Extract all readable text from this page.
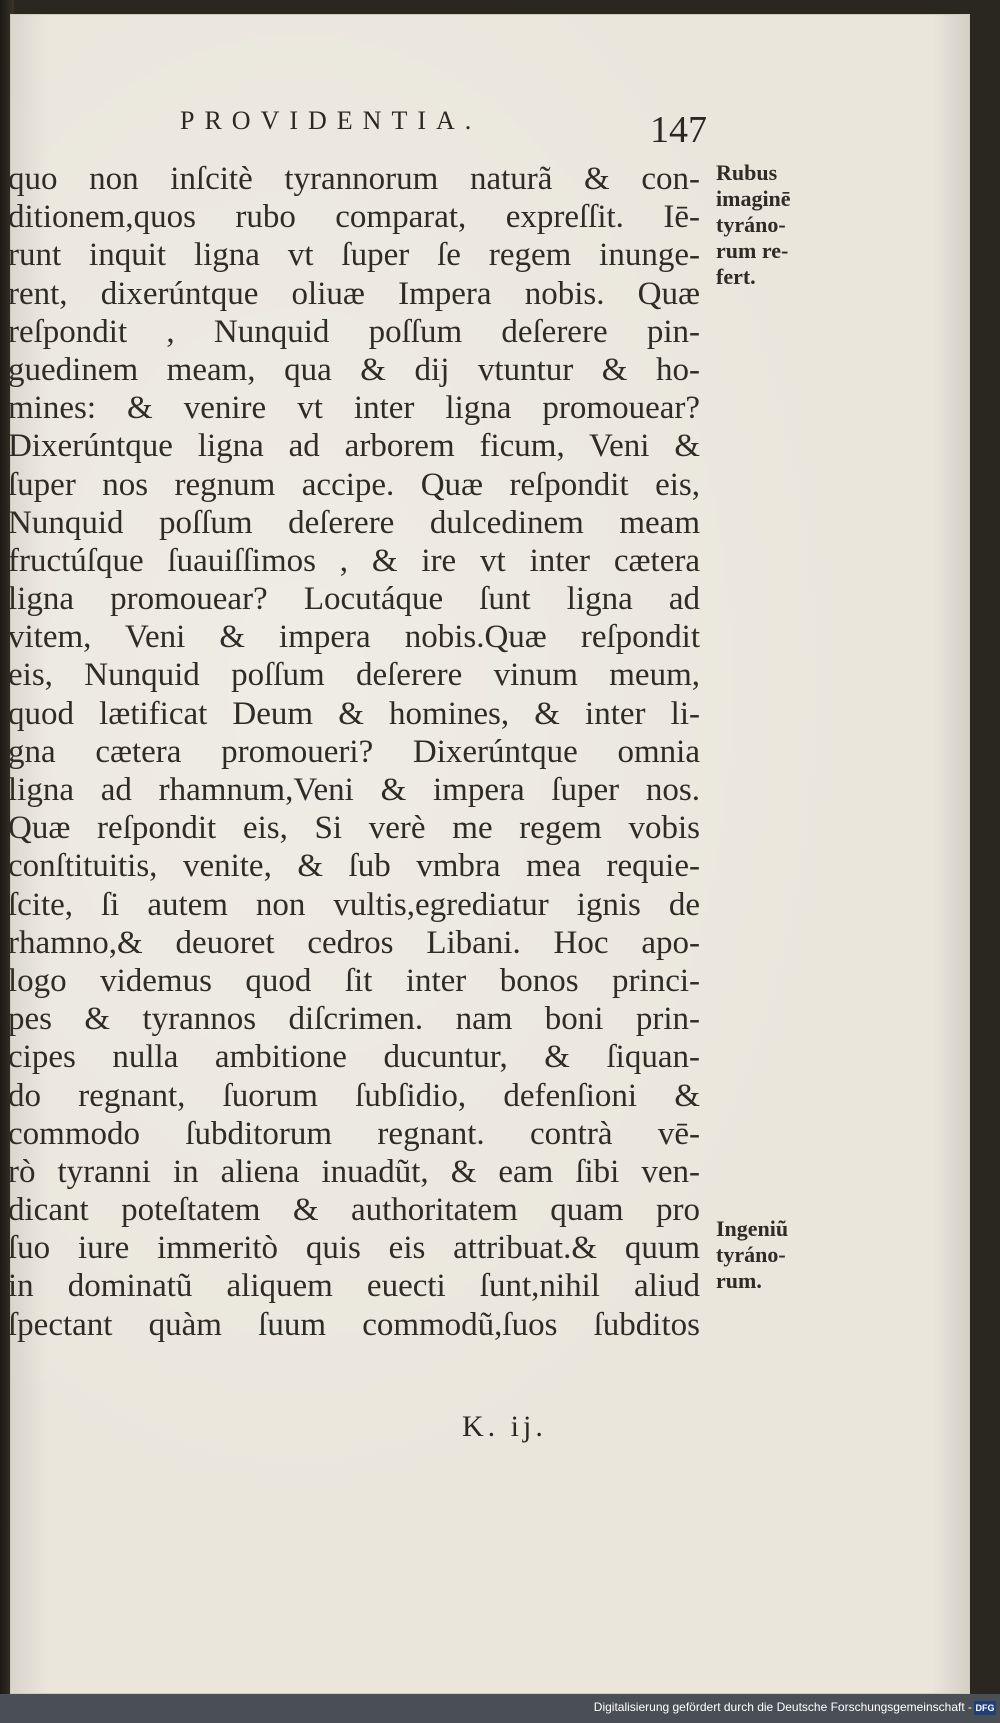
PROVIDENTIA.	147
quo non inſcitè tyrannorum naturã & con-
ditionem,quos rubo comparat, expreſſit. Iē-
runt inquit ligna vt ſuper ſe regem inunge-
rent, dixerúntque oliuæ Impera nobis. Quæ
reſpondit , Nunquid poſſum deſerere pin-
guedinem meam, qua & dij vtuntur & ho-
mines: & venire vt inter ligna promouear?
Dixerúntque ligna ad arborem ficum, Veni &
ſuper nos regnum accipe. Quæ reſpondit eis,
Nunquid poſſum deſerere dulcedinem meam
fructúſque ſuauiſſimos , & ire vt inter cætera
ligna promouear? Locutáque ſunt ligna ad
vitem, Veni & impera nobis.Quæ reſpondit
eis, Nunquid poſſum deſerere vinum meum,
quod lætificat Deum & homines, & inter li-
gna cætera promoueri? Dixerúntque omnia
ligna ad rhamnum,Veni & impera ſuper nos.
Quæ reſpondit eis, Si verè me regem vobis
conſtituitis, venite, & ſub vmbra mea requie-
ſcite, ſi autem non vultis,egrediatur ignis de
rhamno,& deuoret cedros Libani. Hoc apo-
logo videmus quod ſit inter bonos princi-
pes & tyrannos diſcrimen. nam boni prin-
cipes nulla ambitione ducuntur, & ſiquan-
do regnant, ſuorum ſubſidio, defenſioni &
commodo ſubditorum regnant. contrà vē-
rò tyranni in aliena inuadũt, & eam ſibi ven-
dicant poteſtatem & authoritatem quam pro
ſuo iure immeritò quis eis attribuat.& quum
in dominatũ aliquem euecti ſunt,nihil aliud
ſpectant quàm ſuum commodũ,ſuos ſubditos
Rubus
imaginē
tyráno-
rum re-
fert.
Ingeniũ
tyráno-
rum.
K. ij.
Digitalisierung gefördert durch die Deutsche Forschungsgemeinschaft - DFG
